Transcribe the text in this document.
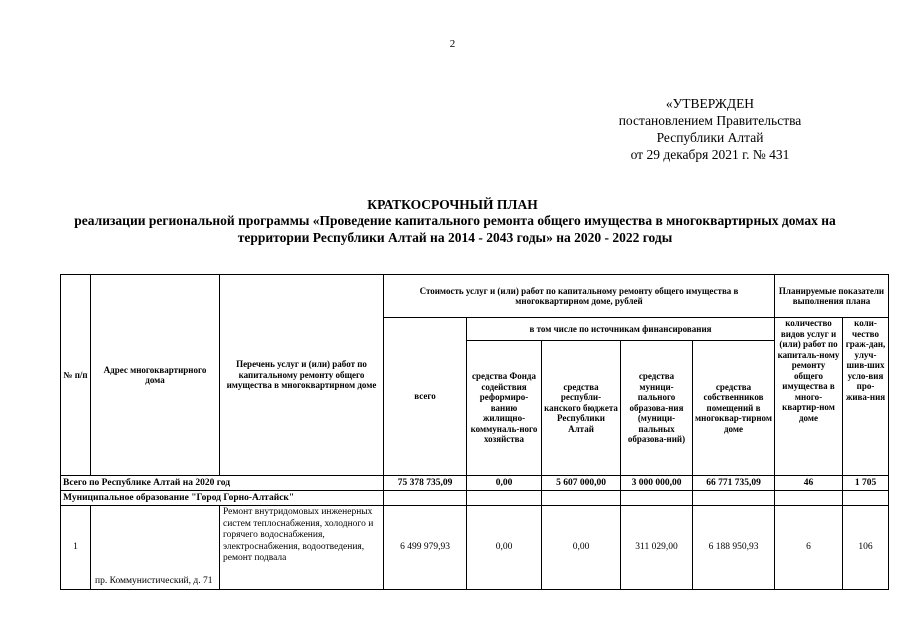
2
«УТВЕРЖДЕН
постановлением Правительства
Республики Алтай
от 29 декабря 2021 г. № 431
КРАТКОСРОЧНЫЙ ПЛАН
реализации региональной программы «Проведение капитального ремонта общего имущества в многоквартирных домах на территории Республики Алтай на 2014 - 2043 годы» на 2020 - 2022 годы
№ п/п	Адрес многоквартирного дома	Перечень услуг и (или) работ по капитальному ремонту общего имущества в многоквартирном доме	Стоимость услуг и (или) работ по капитальному ремонту общего имущества в многоквартирном доме, рублей					Планируемые показатели выполнения плана	
			всего	в том числе по источникам финансирования				количество видов услуг и (или) работ по капиталь-ному ремонту общего имущества в много-квартир-ном доме	коли-чество граж-дан, улуч-шив-ших усло-вия про-жива-ния
				средства Фонда содействия реформиро-ванию жилищно-коммуналь-ного хозяйства	средства республи-канского бюджета Республики Алтай	средства муници-пального образова-ния (муници-пальных образова-ний)	средства собственников помещений в многоквар-тирном доме		
Всего по Республике Алтай на 2020 год			75 378 735,09	0,00	5 607 000,00	3 000 000,00	66 771 735,09	46	1 705
Муниципальное образование "Город Горно-Алтайск"									
1	пр. Коммунистический, д. 71	Ремонт внутридомовых инженерных систем теплоснабжения, холодного и горячего водоснабжения, электроснабжения, водоотведения, ремонт подвала	6 499 979,93	0,00	0,00	311 029,00	6 188 950,93	6	106
